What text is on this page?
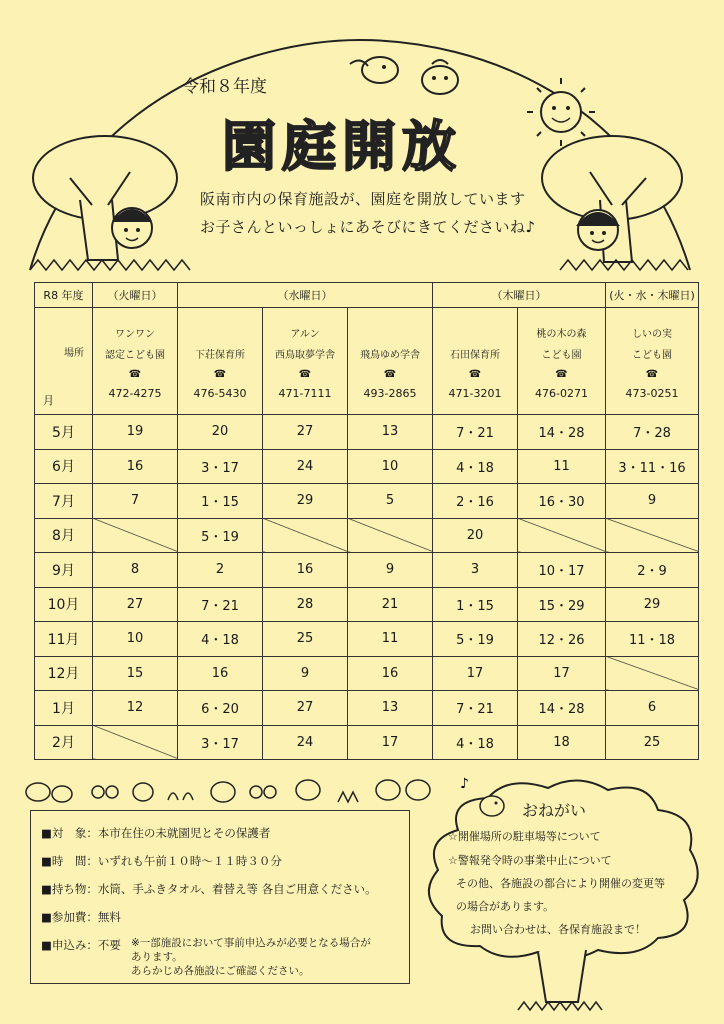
令和８年度
園庭開放
阪南市内の保育施設が、園庭を開放しています
お子さんといっしょにあそびにきてくださいね♪
R8 年度	（火曜日）	（水曜日）			（木曜日）		(火・水・木曜日)

場所
月	ワンワン
認定こども園
☎
472-4275	下荘保育所
☎
476-5430	アルン
西鳥取夢学舎
☎
471-7111	飛鳥ゆめ学舎
☎
493-2865	石田保育所
☎
471-3201	桃の木の森
こども園
☎
476-0271	しいの実
こども園
☎
473-0251

5月	19	20	27	13	7・21	14・28	7・28
6月	16	3・17	24	10	4・18	11	3・11・16
7月	7	1・15	29	5	2・16	16・30	9
8月		5・19			20		
9月	8	2	16	9	3	10・17	2・9
10月	27	7・21	28	21	1・15	15・29	29
11月	10	4・18	25	11	5・19	12・26	11・18
12月	15	16	9	16	17	17	
1月	12	6・20	27	13	7・21	14・28	6
2月		3・17	24	17	4・18	18	25
■対　象：本市在住の未就園児とその保護者
■時　間：いずれも午前１０時～１１時３０分
■持ち物：水筒、手ふきタオル、着替え等 各自ご用意ください。
■参加費：無料
■申込み：不要 ※一部施設において事前申込みが必要となる場合が
あります。
あらかじめ各施設にご確認ください。
♪
おねがい
☆開催場所の駐車場等について
☆警報発令時の事業中止について
その他、各施設の都合により開催の変更等
の場合があります。
お問い合わせは、各保育施設まで！
